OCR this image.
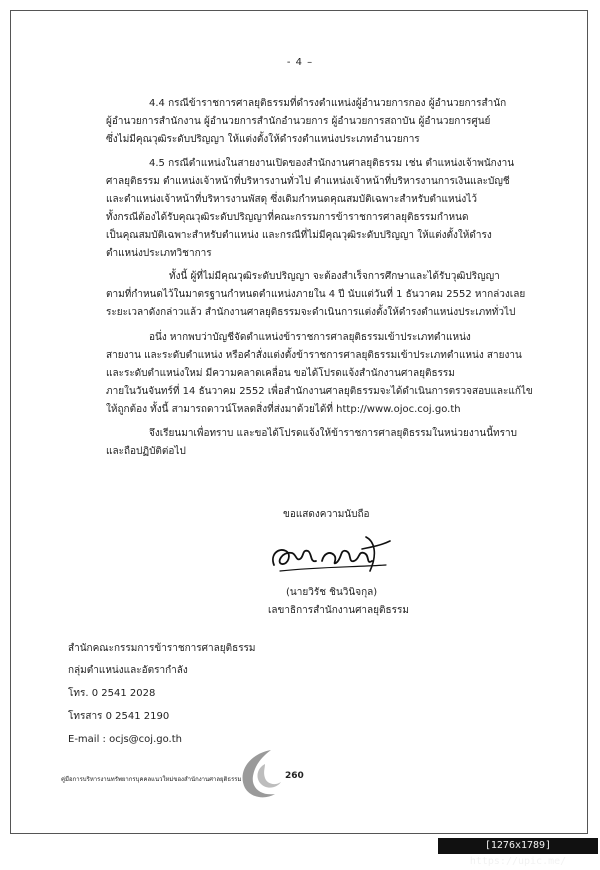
- 4 –
4.4 กรณีข้าราชการศาลยุติธรรมที่ดำรงตำแหน่งผู้อำนวยการกอง ผู้อำนวยการสำนัก
ผู้อำนวยการสำนักงาน ผู้อำนวยการสำนักอำนวยการ ผู้อำนวยการสถาบัน ผู้อำนวยการศูนย์
ซึ่งไม่มีคุณวุฒิระดับปริญญา ให้แต่งตั้งให้ดำรงตำแหน่งประเภทอำนวยการ
4.5 กรณีตำแหน่งในสายงานเปิดของสำนักงานศาลยุติธรรม เช่น ตำแหน่งเจ้าพนักงาน
ศาลยุติธรรม ตำแหน่งเจ้าหน้าที่บริหารงานทั่วไป ตำแหน่งเจ้าหน้าที่บริหารงานการเงินและบัญชี
และตำแหน่งเจ้าหน้าที่บริหารงานพัสดุ ซึ่งเดิมกำหนดคุณสมบัติเฉพาะสำหรับตำแหน่งไว้
ทั้งกรณีต้องได้รับคุณวุฒิระดับปริญญาที่คณะกรรมการข้าราชการศาลยุติธรรมกำหนด
เป็นคุณสมบัติเฉพาะสำหรับตำแหน่ง และกรณีที่ไม่มีคุณวุฒิระดับปริญญา ให้แต่งตั้งให้ดำรง
ตำแหน่งประเภทวิชาการ
ทั้งนี้ ผู้ที่ไม่มีคุณวุฒิระดับปริญญา จะต้องสำเร็จการศึกษาและได้รับวุฒิปริญญา
ตามที่กำหนดไว้ในมาตรฐานกำหนดตำแหน่งภายใน 4 ปี นับแต่วันที่ 1 ธันวาคม 2552 หากล่วงเลย
ระยะเวลาดังกล่าวแล้ว สำนักงานศาลยุติธรรมจะดำเนินการแต่งตั้งให้ดำรงตำแหน่งประเภททั่วไป
อนึ่ง หากพบว่าบัญชีจัดตำแหน่งข้าราชการศาลยุติธรรมเข้าประเภทตำแหน่ง
สายงาน และระดับตำแหน่ง หรือคำสั่งแต่งตั้งข้าราชการศาลยุติธรรมเข้าประเภทตำแหน่ง สายงาน
และระดับตำแหน่งใหม่ มีความคลาดเคลื่อน ขอได้โปรดแจ้งสำนักงานศาลยุติธรรม
ภายในวันจันทร์ที่ 14 ธันวาคม 2552 เพื่อสำนักงานศาลยุติธรรมจะได้ดำเนินการตรวจสอบและแก้ไข
ให้ถูกต้อง ทั้งนี้ สามารถดาวน์โหลดสิ่งที่ส่งมาด้วยได้ที่ http://www.ojoc.coj.go.th
จึงเรียนมาเพื่อทราบ และขอได้โปรดแจ้งให้ข้าราชการศาลยุติธรรมในหน่วยงานนี้ทราบ
และถือปฏิบัติต่อไป
ขอแสดงความนับถือ
(นายวิรัช ชินวินิจกุล)
เลขาธิการสำนักงานศาลยุติธรรม
สำนักคณะกรรมการข้าราชการศาลยุติธรรม
กลุ่มตำแหน่งและอัตรากำลัง
โทร. 0 2541 2028
โทรสาร 0 2541 2190
E-mail : ocjs@coj.go.th
คู่มือการบริหารงานทรัพยากรบุคคลแนวใหม่ของสำนักงานศาลยุติธรรม	260
[1276x1789] https://upic.me/
